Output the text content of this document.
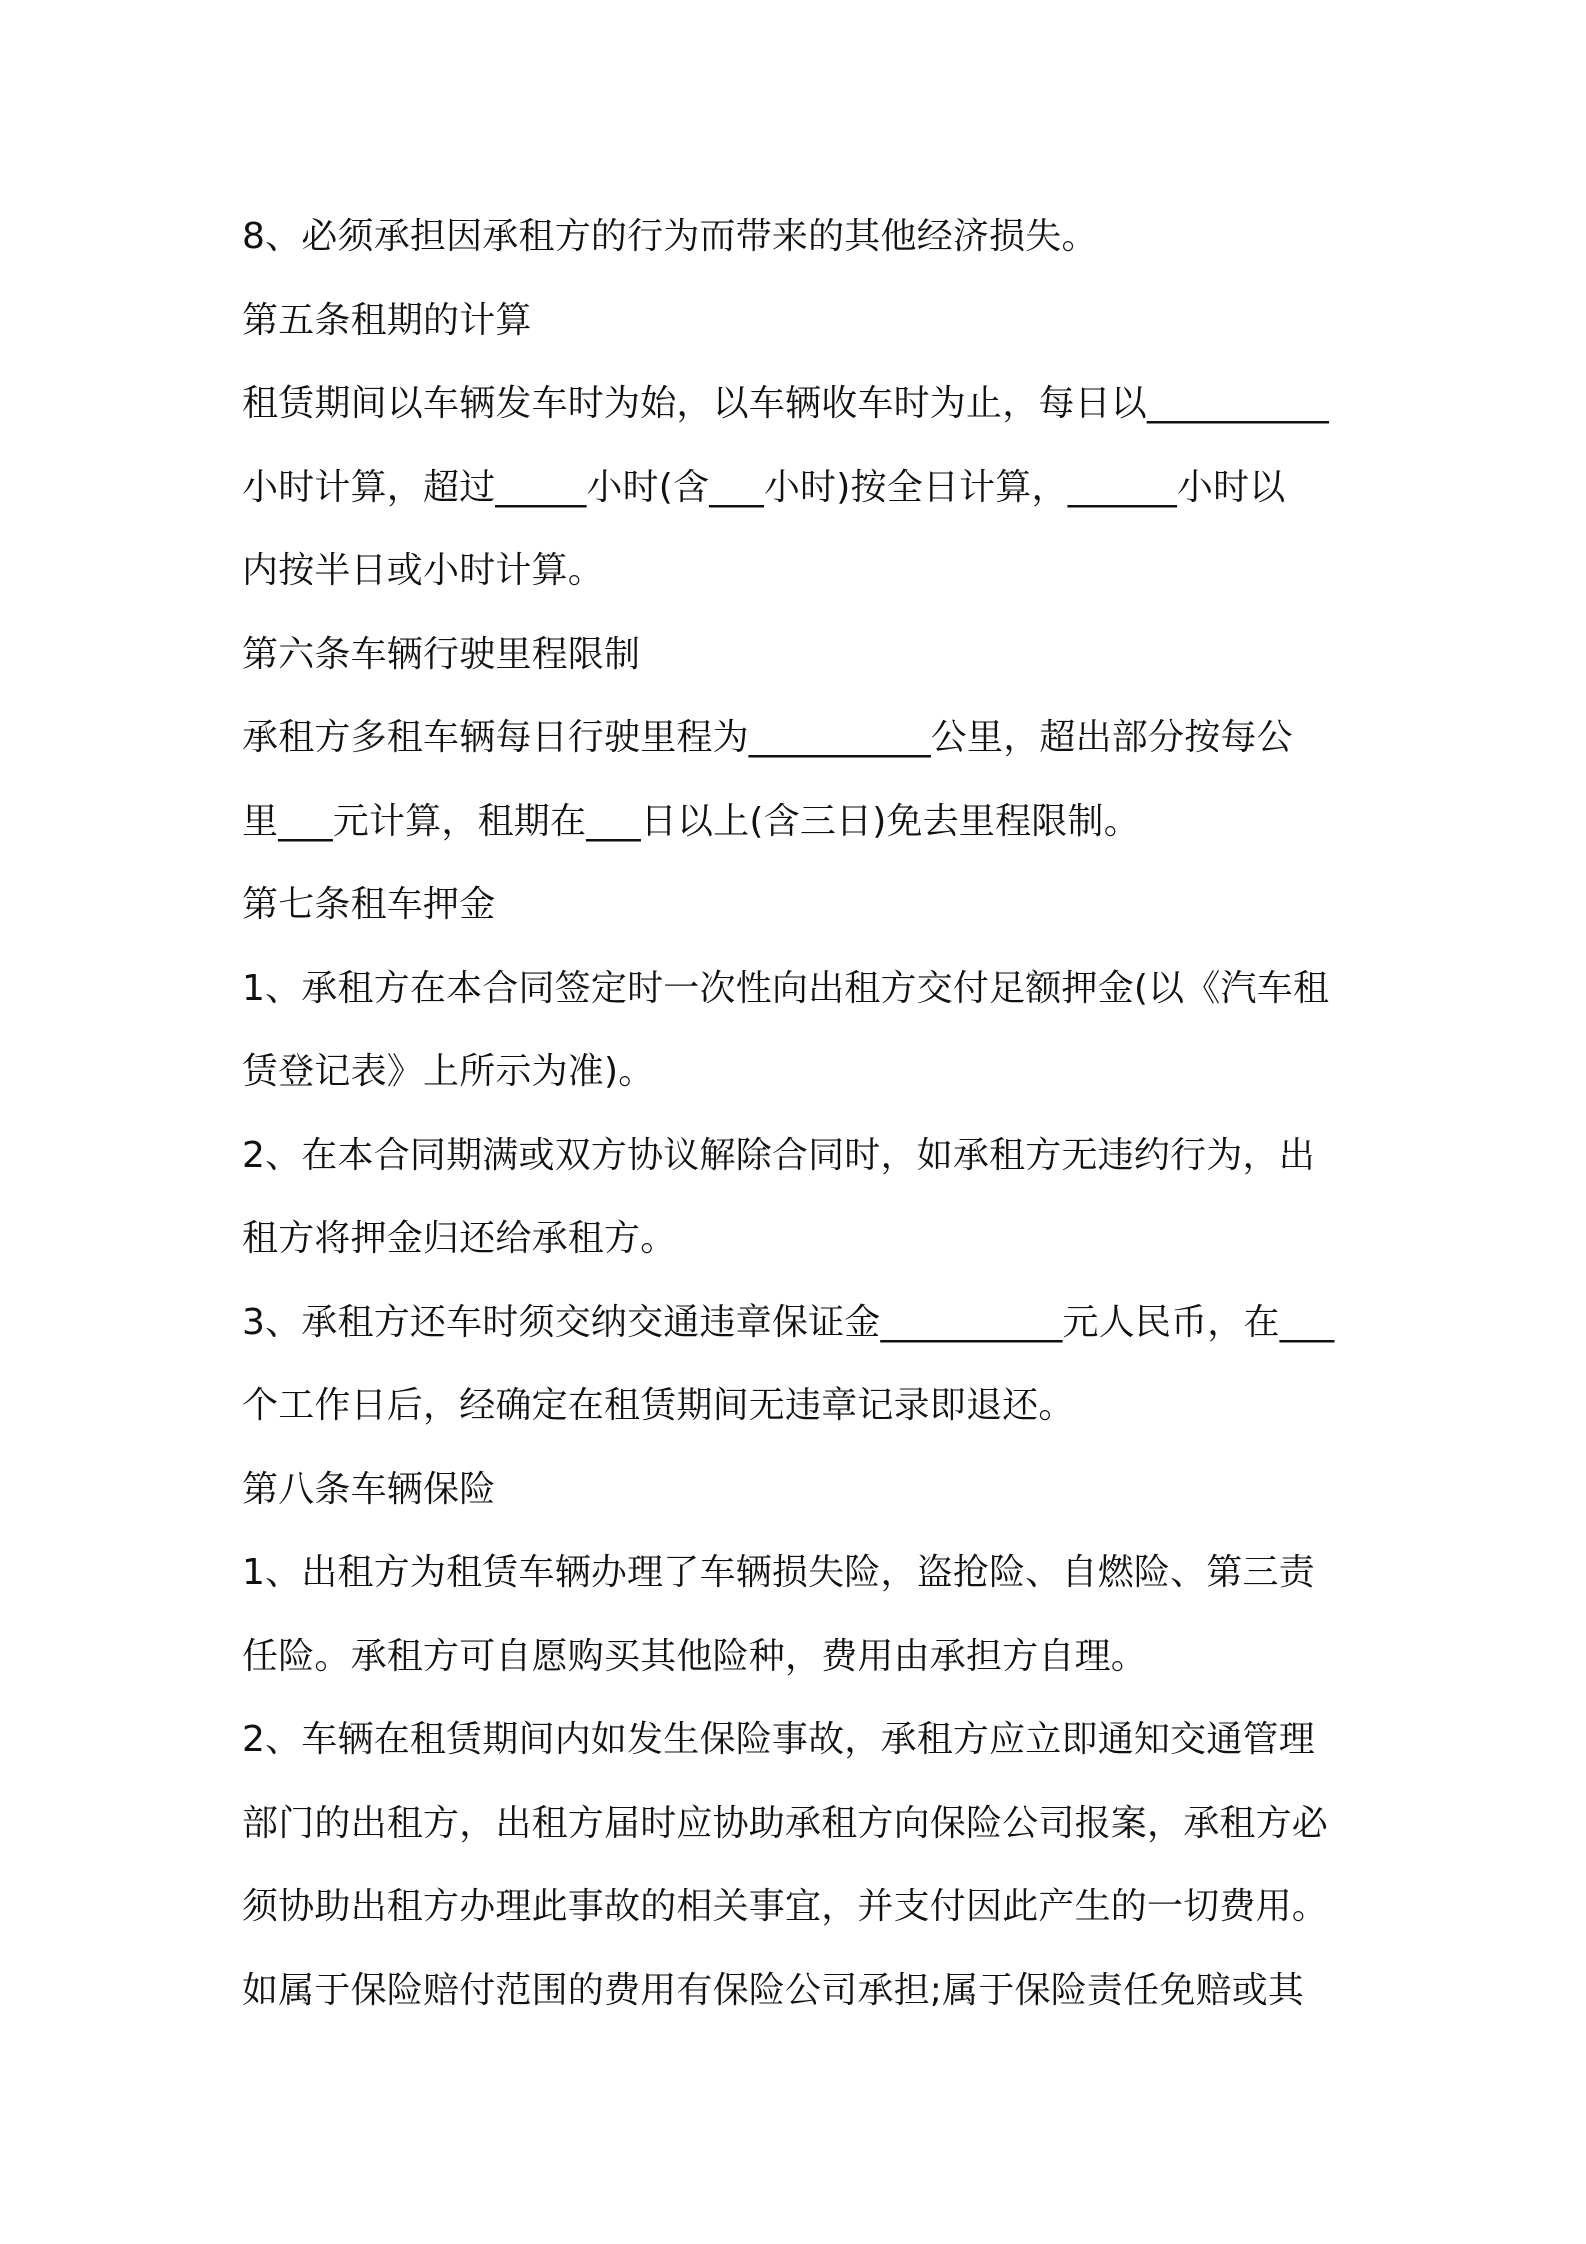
8、必须承担因承租方的行为而带来的其他经济损失。
第五条租期的计算
租赁期间以车辆发车时为始，以车辆收车时为止，每日以__________
小时计算，超过_____小时(含___小时)按全日计算，______小时以
内按半日或小时计算。
第六条车辆行驶里程限制
承租方多租车辆每日行驶里程为__________公里，超出部分按每公
里___元计算，租期在___日以上(含三日)免去里程限制。
第七条租车押金
1、承租方在本合同签定时一次性向出租方交付足额押金(以《汽车租
赁登记表》上所示为准)。
2、在本合同期满或双方协议解除合同时，如承租方无违约行为，出
租方将押金归还给承租方。
3、承租方还车时须交纳交通违章保证金__________元人民币，在___
个工作日后，经确定在租赁期间无违章记录即退还。
第八条车辆保险
1、出租方为租赁车辆办理了车辆损失险，盗抢险、自燃险、第三责
任险。承租方可自愿购买其他险种，费用由承担方自理。
2、车辆在租赁期间内如发生保险事故，承租方应立即通知交通管理
部门的出租方，出租方届时应协助承租方向保险公司报案，承租方必
须协助出租方办理此事故的相关事宜，并支付因此产生的一切费用。
如属于保险赔付范围的费用有保险公司承担;属于保险责任免赔或其
